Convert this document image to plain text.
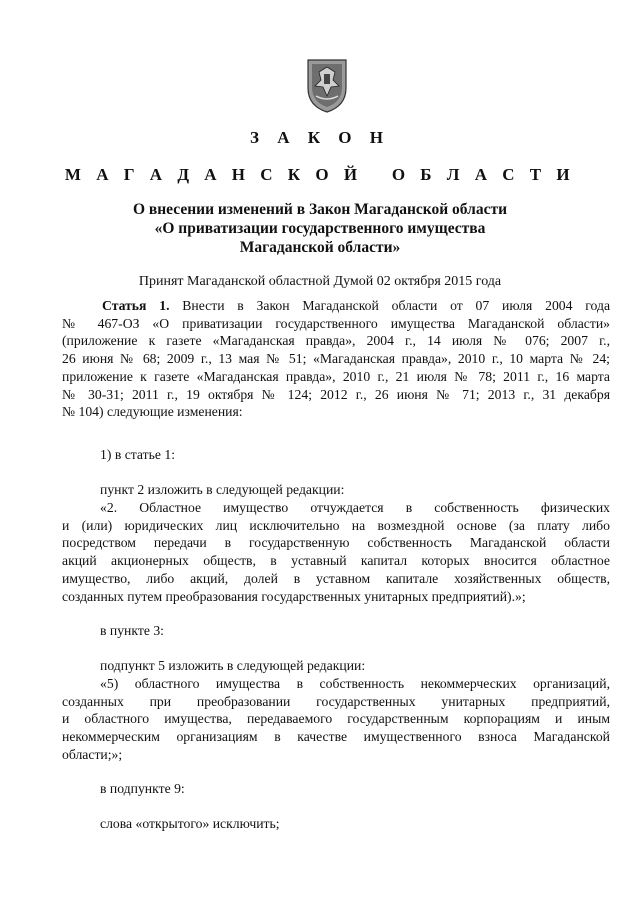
З А К О Н
М А Г А Д А Н С К О Й   О Б Л А С Т И
О внесении изменений в Закон Магаданской области
«О приватизации государственного имущества
Магаданской области»
Принят Магаданской областной Думой 02 октября 2015 года
Статья 1. Внести в Закон Магаданской области от 07 июля 2004 года
№ 467-ОЗ «О приватизации государственного имущества Магаданской области»
(приложение к газете «Магаданская правда», 2004 г., 14 июля № 076; 2007 г.,
26 июня № 68; 2009 г., 13 мая № 51; «Магаданская правда», 2010 г., 10 марта № 24;
приложение к газете «Магаданская правда», 2010 г., 21 июля № 78; 2011 г., 16 марта
№ 30-31; 2011 г., 19 октября № 124; 2012 г., 26 июня № 71; 2013 г., 31 декабря
№ 104) следующие изменения:
1) в статье 1:
пункт 2 изложить в следующей редакции:
«2. Областное имущество отчуждается в собственность физических
и (или) юридических лиц исключительно на возмездной основе (за плату либо
посредством передачи в государственную собственность Магаданской области
акций акционерных обществ, в уставный капитал которых вносится областное
имущество, либо акций, долей в уставном капитале хозяйственных обществ,
созданных путем преобразования государственных унитарных предприятий).»;
в пункте 3:
подпункт 5 изложить в следующей редакции:
«5) областного имущества в собственность некоммерческих организаций,
созданных при преобразовании государственных унитарных предприятий,
и областного имущества, передаваемого государственным корпорациям и иным
некоммерческим организациям в качестве имущественного взноса Магаданской
области;»;
в подпункте 9:
слова «открытого» исключить;
